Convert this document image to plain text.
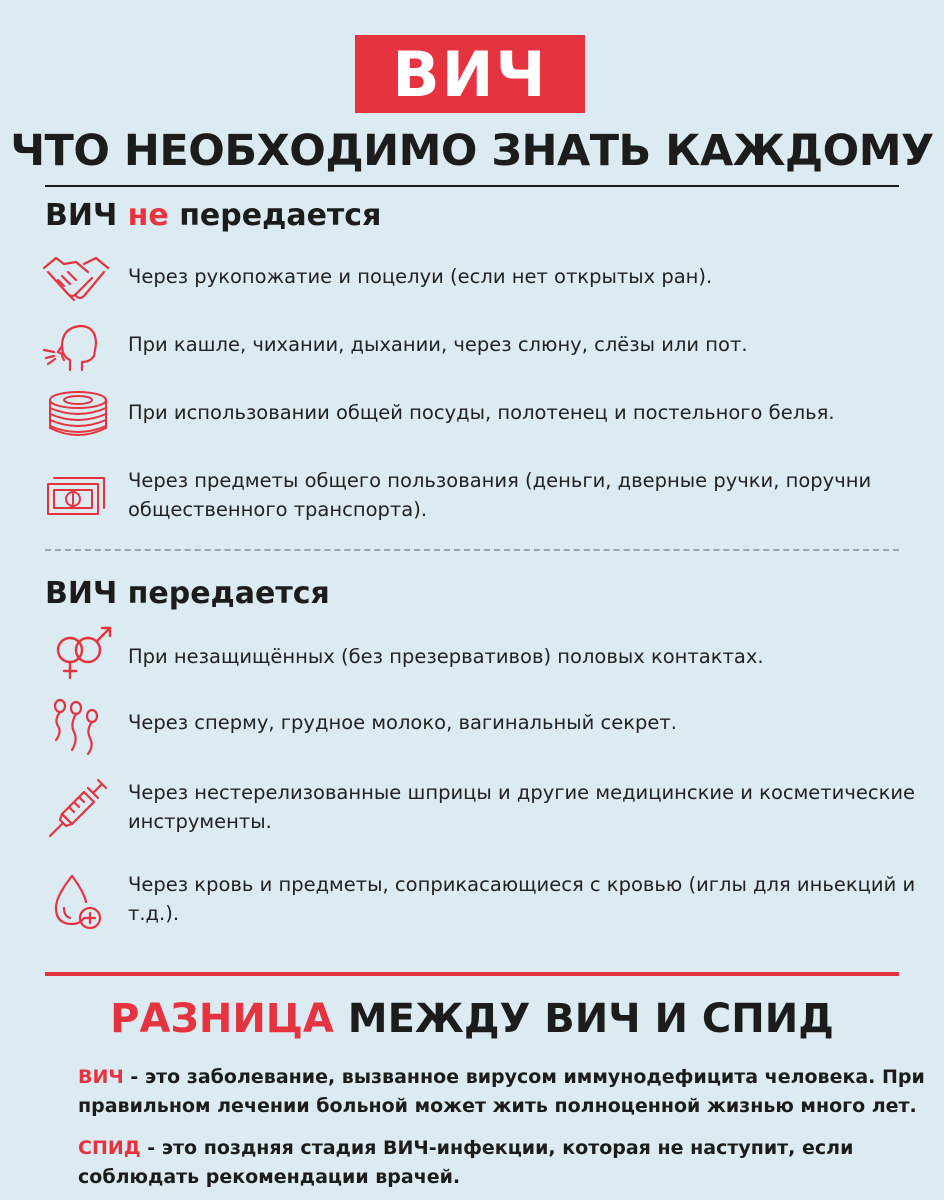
ВИЧ
ЧТО НЕОБХОДИМО ЗНАТЬ КАЖДОМУ
ВИЧ не передается
Через рукопожатие и поцелуи (если нет открытых ран).
При кашле, чихании, дыхании, через слюну, слёзы или пот.
При использовании общей посуды, полотенец и постельного белья.
Через предметы общего пользования (деньги, дверные ручки, поручни общественного транспорта).
ВИЧ передается
При незащищённых (без презервативов) половых контактах.
Через сперму, грудное молоко, вагинальный секрет.
Через нестерелизованные шприцы и другие медицинские и косметические инструменты.
Через кровь и предметы, соприкасающиеся с кровью (иглы для иньекций и т.д.).
РАЗНИЦА МЕЖДУ ВИЧ И СПИД
ВИЧ - это заболевание, вызванное вирусом иммунодефицита человека. При правильном лечении больной может жить полноценной жизнью много лет.
СПИД - это поздняя стадия ВИЧ-инфекции, которая не наступит, если соблюдать рекомендации врачей.
